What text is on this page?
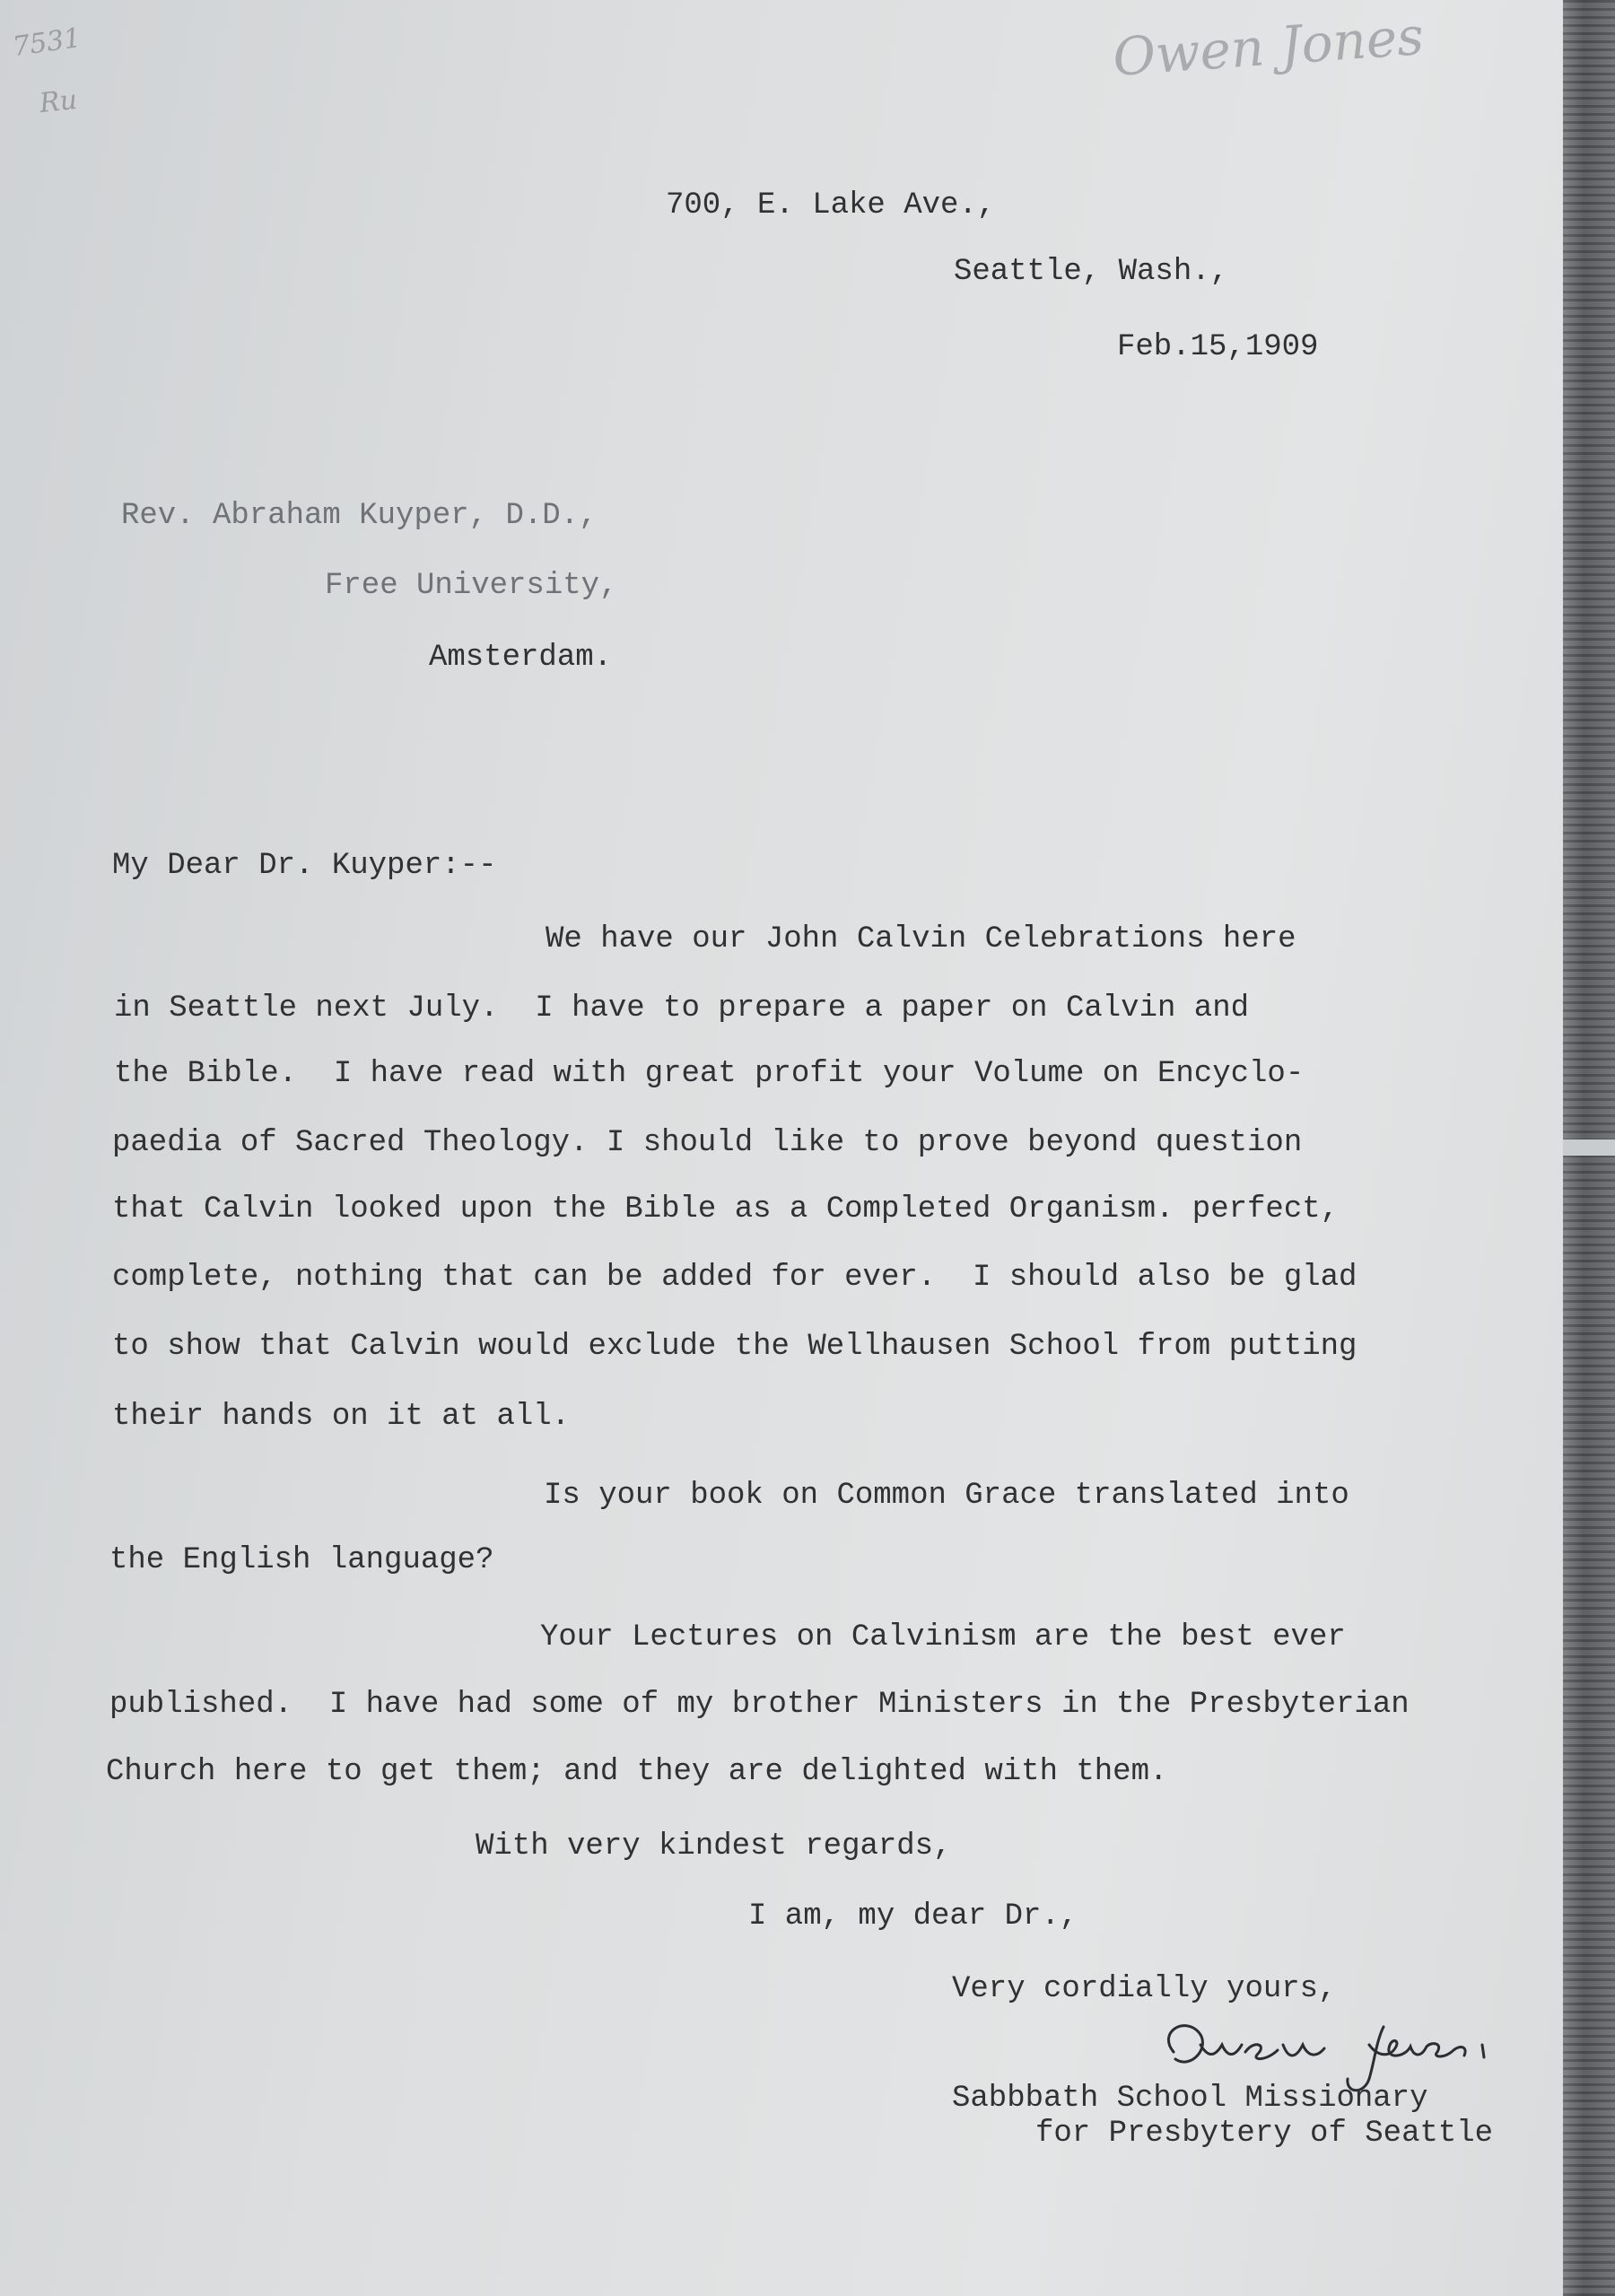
7531
Ru
Owen Jones

700, E. Lake Ave.,

Seattle, Wash.,

Feb.15,1909

Rev. Abraham Kuyper, D.D.,

Free University,

Amsterdam.

My Dear Dr. Kuyper:--

We have our John Calvin Celebrations here

in Seattle next July.  I have to prepare a paper on Calvin and

the Bible.  I have read with great profit your Volume on Encyclo-

paedia of Sacred Theology. I should like to prove beyond question

that Calvin looked upon the Bible as a Completed Organism. perfect,

complete, nothing that can be added for ever.  I should also be glad

to show that Calvin would exclude the Wellhausen School from putting

their hands on it at all.

Is your book on Common Grace translated into

the English language?

Your Lectures on Calvinism are the best ever

published.  I have had some of my brother Ministers in the Presbyterian

Church here to get them; and they are delighted with them.

With very kindest regards,

I am, my dear Dr.,

Very cordially yours,

Sabbbath School Missionary

for Presbytery of Seattle
